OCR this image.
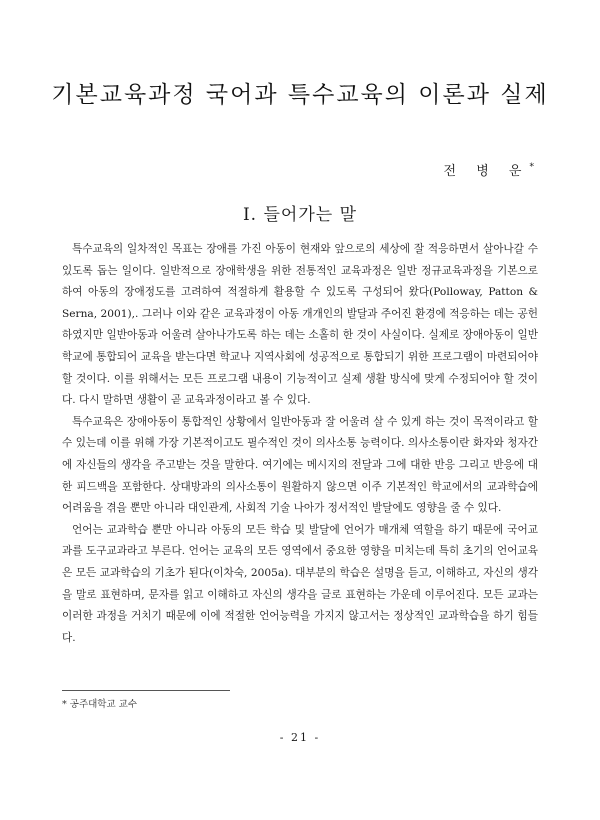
기본교육과정 국어과 특수교육의 이론과 실제
전 병 운*
Ⅰ. 들어가는 말

특수교육의 일차적인 목표는 장애를 가진 아동이 현재와 앞으로의 세상에 잘 적응하면서 살아나갈 수 있도록 돕는 일이다. 일반적으로 장애학생을 위한 전통적인 교육과정은 일반 정규교육과정을 기본으로 하여 아동의 장애정도를 고려하여 적절하게 활용할 수 있도록 구성되어 왔다(Polloway, Patton & Serna, 2001),. 그러나 이와 같은 교육과정이 아동 개개인의 발달과 주어진 환경에 적응하는 데는 공헌하였지만 일반아동과 어울려 살아나가도록 하는 데는 소홀히 한 것이 사실이다. 실제로 장애아동이 일반학교에 통합되어 교육을 받는다면 학교나 지역사회에 성공적으로 통합되기 위한 프로그램이 마련되어야 할 것이다. 이를 위해서는 모든 프로그램 내용이 기능적이고 실제 생활 방식에 맞게 수정되어야 할 것이다. 다시 말하면 생활이 곧 교육과정이라고 볼 수 있다.

특수교육은 장애아동이 통합적인 상황에서 일반아동과 잘 어울려 살 수 있게 하는 것이 목적이라고 할 수 있는데 이를 위해 가장 기본적이고도 필수적인 것이 의사소통 능력이다. 의사소통이란 화자와 청자간에 자신들의 생각을 주고받는 것을 말한다. 여기에는 메시지의 전달과 그에 대한 반응 그리고 반응에 대한 피드백을 포함한다. 상대방과의 의사소통이 원활하지 않으면 이주 기본적인 학교에서의 교과학습에 어려움을 겪을 뿐만 아니라 대인관계, 사회적 기술 나아가 정서적인 발달에도 영향을 줄 수 있다.

언어는 교과학습 뿐만 아니라 아동의 모든 학습 및 발달에 언어가 매개체 역할을 하기 때문에 국어교과를 도구교과라고 부른다. 언어는 교육의 모든 영역에서 중요한 영향을 미치는데 특히 초기의 언어교육은 모든 교과학습의 기초가 된다(이차숙, 2005a). 대부분의 학습은 설명을 듣고, 이해하고, 자신의 생각을 말로 표현하며, 문자를 읽고 이해하고 자신의 생각을 글로 표현하는 가운데 이루어진다. 모든 교과는 이러한 과정을 거치기 때문에 이에 적절한 언어능력을 가지지 않고서는 정상적인 교과학습을 하기 힘들다.

* 공주대학교 교수
- 21 -
